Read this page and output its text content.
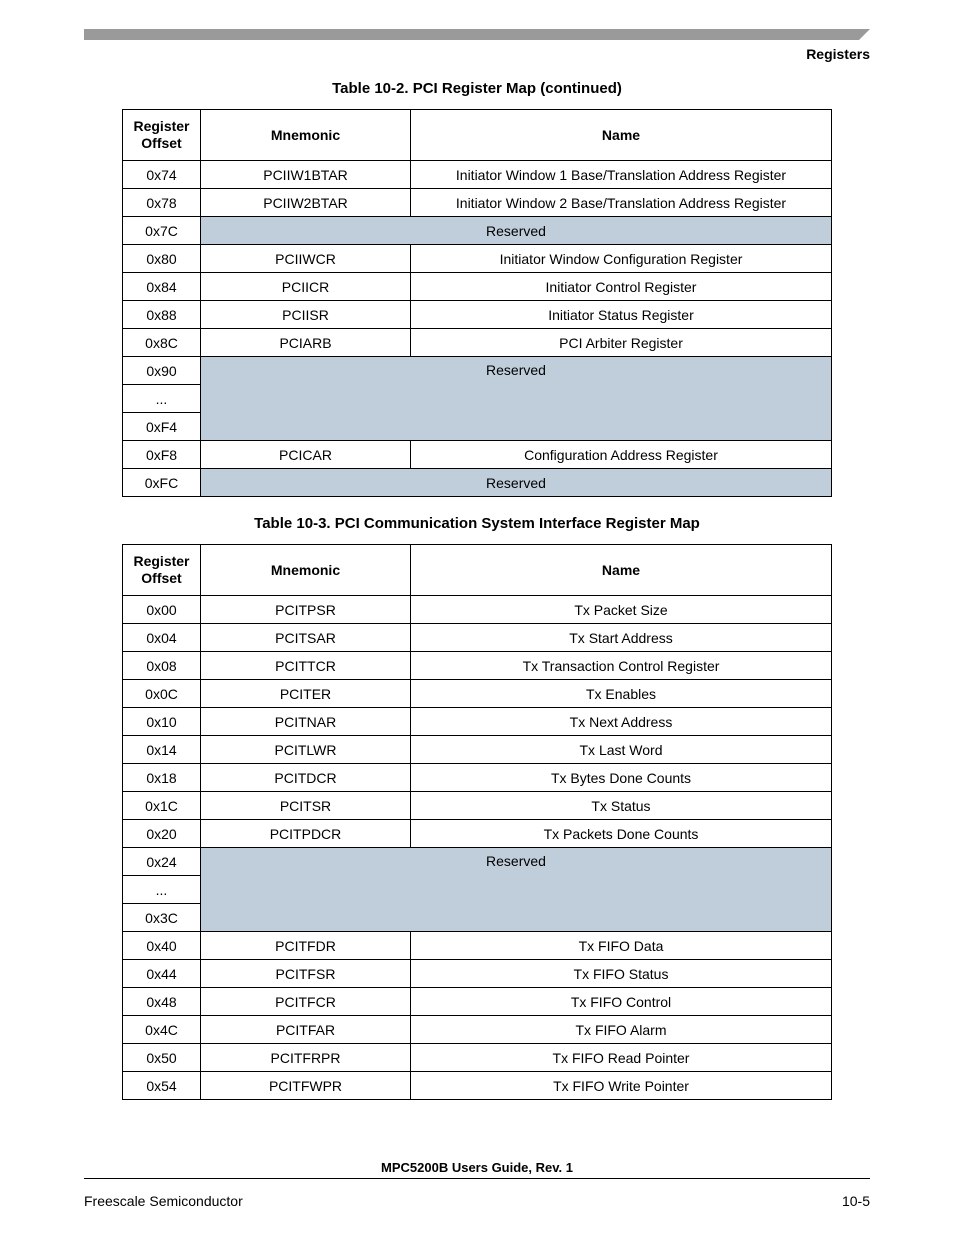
Registers
Table 10-2. PCI Register Map (continued)
Register Offset	Mnemonic	Name
0x74	PCIIW1BTAR	Initiator Window 1 Base/Translation Address Register
0x78	PCIIW2BTAR	Initiator Window 2 Base/Translation Address Register
0x7C	Reserved	
0x80	PCIIWCR	Initiator Window Configuration Register
0x84	PCIICR	Initiator Control Register
0x88	PCIISR	Initiator Status Register
0x8C	PCIARB	PCI Arbiter Register
0x90	Reserved	
...		
0xF4		
0xF8	PCICAR	Configuration Address Register
0xFC	Reserved	
Table 10-3. PCI Communication System Interface Register Map
Register Offset	Mnemonic	Name
0x00	PCITPSR	Tx Packet Size
0x04	PCITSAR	Tx Start Address
0x08	PCITTCR	Tx Transaction Control Register
0x0C	PCITER	Tx Enables
0x10	PCITNAR	Tx Next Address
0x14	PCITLWR	Tx Last Word
0x18	PCITDCR	Tx Bytes Done Counts
0x1C	PCITSR	Tx Status
0x20	PCITPDCR	Tx Packets Done Counts
0x24	Reserved	
...		
0x3C		
0x40	PCITFDR	Tx FIFO Data
0x44	PCITFSR	Tx FIFO Status
0x48	PCITFCR	Tx FIFO Control
0x4C	PCITFAR	Tx FIFO Alarm
0x50	PCITFRPR	Tx FIFO Read Pointer
0x54	PCITFWPR	Tx FIFO Write Pointer
MPC5200B Users Guide, Rev. 1
Freescale Semiconductor	10-5
